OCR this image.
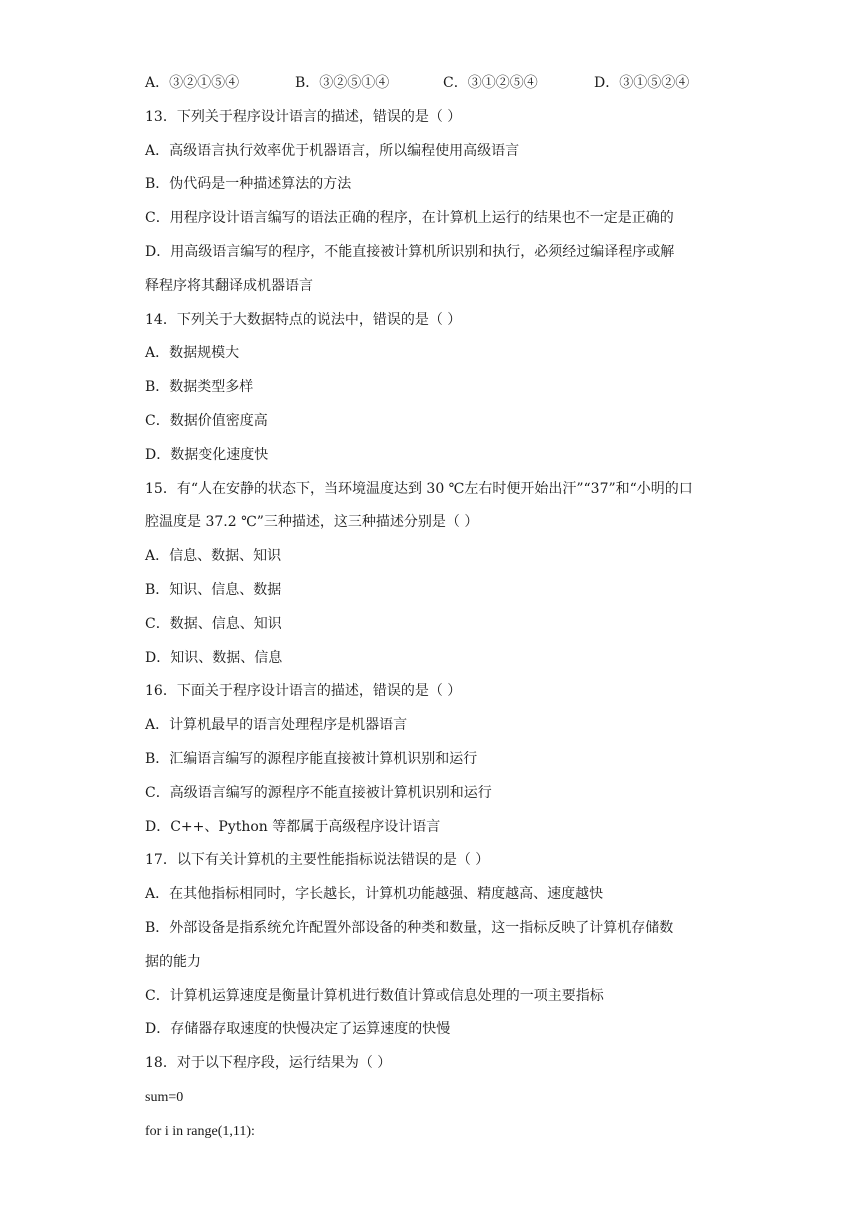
A．③②①⑤④	B．③②⑤①④	C．③①②⑤④	D．③①⑤②④
13．下列关于程序设计语言的描述，错误的是（ ）
A．高级语言执行效率优于机器语言，所以编程使用高级语言
B．伪代码是一种描述算法的方法
C．用程序设计语言编写的语法正确的程序，在计算机上运行的结果也不一定是正确的
D．用高级语言编写的程序，不能直接被计算机所识别和执行，必须经过编译程序或解
释程序将其翻译成机器语言
14．下列关于大数据特点的说法中，错误的是（ ）
A．数据规模大
B．数据类型多样
C．数据价值密度高
D．数据变化速度快
15．有“人在安静的状态下，当环境温度达到 30 ℃左右时便开始出汗”“37”和“小明的口
腔温度是 37.2 ℃”三种描述，这三种描述分别是（ ）
A．信息、数据、知识
B．知识、信息、数据
C．数据、信息、知识
D．知识、数据、信息
16．下面关于程序设计语言的描述，错误的是（ ）
A．计算机最早的语言处理程序是机器语言
B．汇编语言编写的源程序能直接被计算机识别和运行
C．高级语言编写的源程序不能直接被计算机识别和运行
D．C++、Python 等都属于高级程序设计语言
17．以下有关计算机的主要性能指标说法错误的是（ ）
A．在其他指标相同时，字长越长，计算机功能越强、精度越高、速度越快
B．外部设备是指系统允许配置外部设备的种类和数量，这一指标反映了计算机存储数
据的能力
C．计算机运算速度是衡量计算机进行数值计算或信息处理的一项主要指标
D．存储器存取速度的快慢决定了运算速度的快慢
18．对于以下程序段，运行结果为（ ）
sum=0
for i in range(1,11):
